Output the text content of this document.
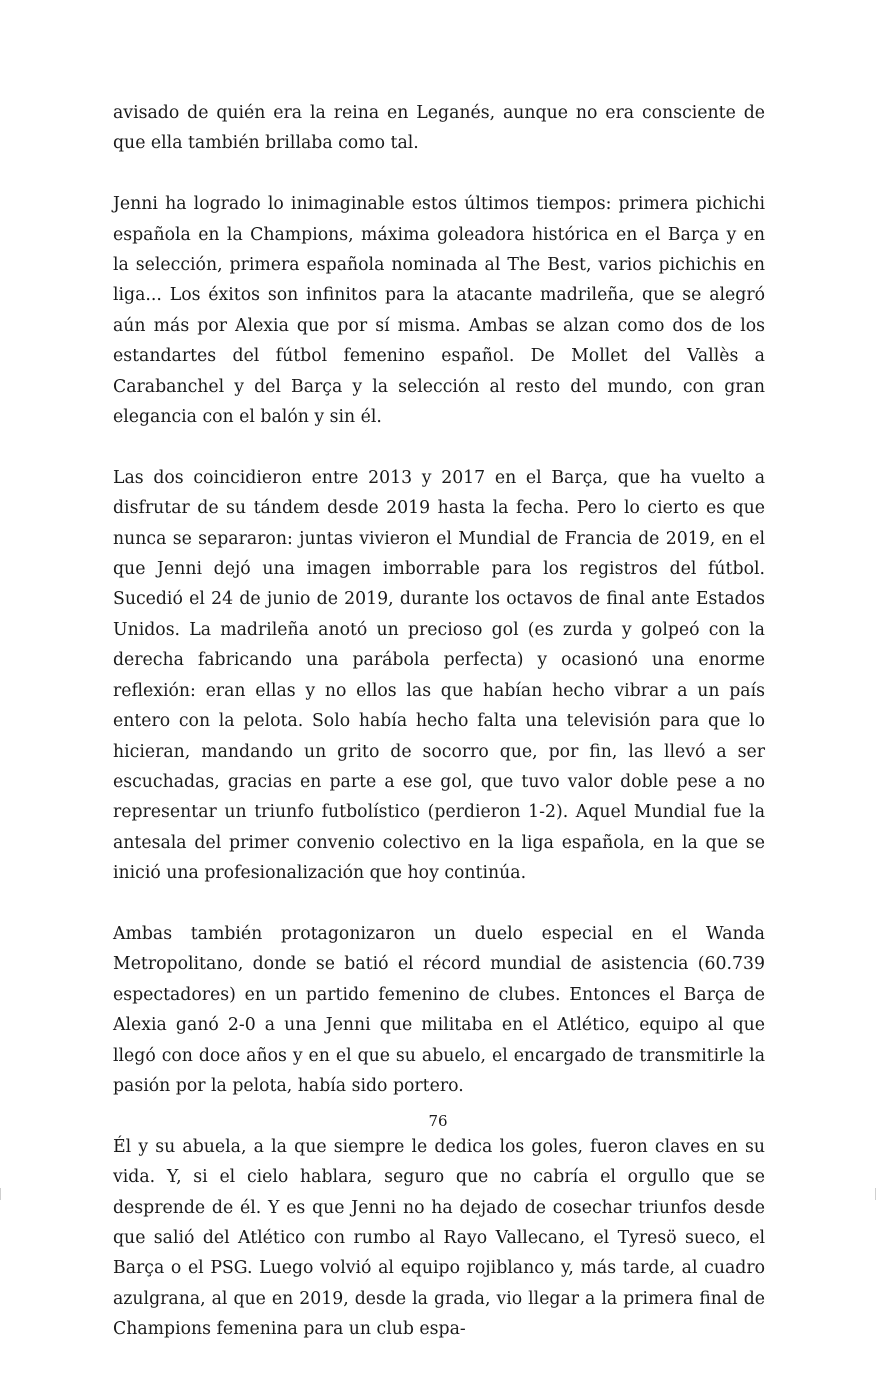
avisado de quién era la reina en Leganés, aunque no era consciente de que ella también brillaba como tal.

Jenni ha logrado lo inimaginable estos últimos tiempos: primera pichichi española en la Champions, máxima goleadora histórica en el Barça y en la selección, primera española nominada al The Best, varios pichichis en liga... Los éxitos son infinitos para la atacante madrileña, que se alegró aún más por Alexia que por sí misma. Ambas se alzan como dos de los estandartes del fútbol femenino español. De Mollet del Vallès a Carabanchel y del Barça y la selección al resto del mundo, con gran elegancia con el balón y sin él.

Las dos coincidieron entre 2013 y 2017 en el Barça, que ha vuelto a disfrutar de su tándem desde 2019 hasta la fecha. Pero lo cierto es que nunca se separaron: juntas vivieron el Mundial de Francia de 2019, en el que Jenni dejó una imagen imborrable para los registros del fútbol. Sucedió el 24 de junio de 2019, durante los octavos de final ante Estados Unidos. La madrileña anotó un precioso gol (es zurda y golpeó con la derecha fabricando una parábola perfecta) y ocasionó una enorme reflexión: eran ellas y no ellos las que habían hecho vibrar a un país entero con la pelota. Solo había hecho falta una televisión para que lo hicieran, mandando un grito de socorro que, por fin, las llevó a ser escuchadas, gracias en parte a ese gol, que tuvo valor doble pese a no representar un triunfo futbolístico (perdieron 1-2). Aquel Mundial fue la antesala del primer convenio colectivo en la liga española, en la que se inició una profesionalización que hoy continúa.

Ambas también protagonizaron un duelo especial en el Wanda Metropolitano, donde se batió el récord mundial de asistencia (60.739 espectadores) en un partido femenino de clubes. Entonces el Barça de Alexia ganó 2-0 a una Jenni que militaba en el Atlético, equipo al que llegó con doce años y en el que su abuelo, el encargado de transmitirle la pasión por la pelota, había sido portero.

Él y su abuela, a la que siempre le dedica los goles, fueron claves en su vida. Y, si el cielo hablara, seguro que no cabría el orgullo que se desprende de él. Y es que Jenni no ha dejado de cosechar triunfos desde que salió del Atlético con rumbo al Rayo Vallecano, el Tyresö sueco, el Barça o el PSG. Luego volvió al equipo rojiblanco y, más tarde, al cuadro azulgrana, al que en 2019, desde la grada, vio llegar a la primera final de Champions femenina para un club espa-

76
